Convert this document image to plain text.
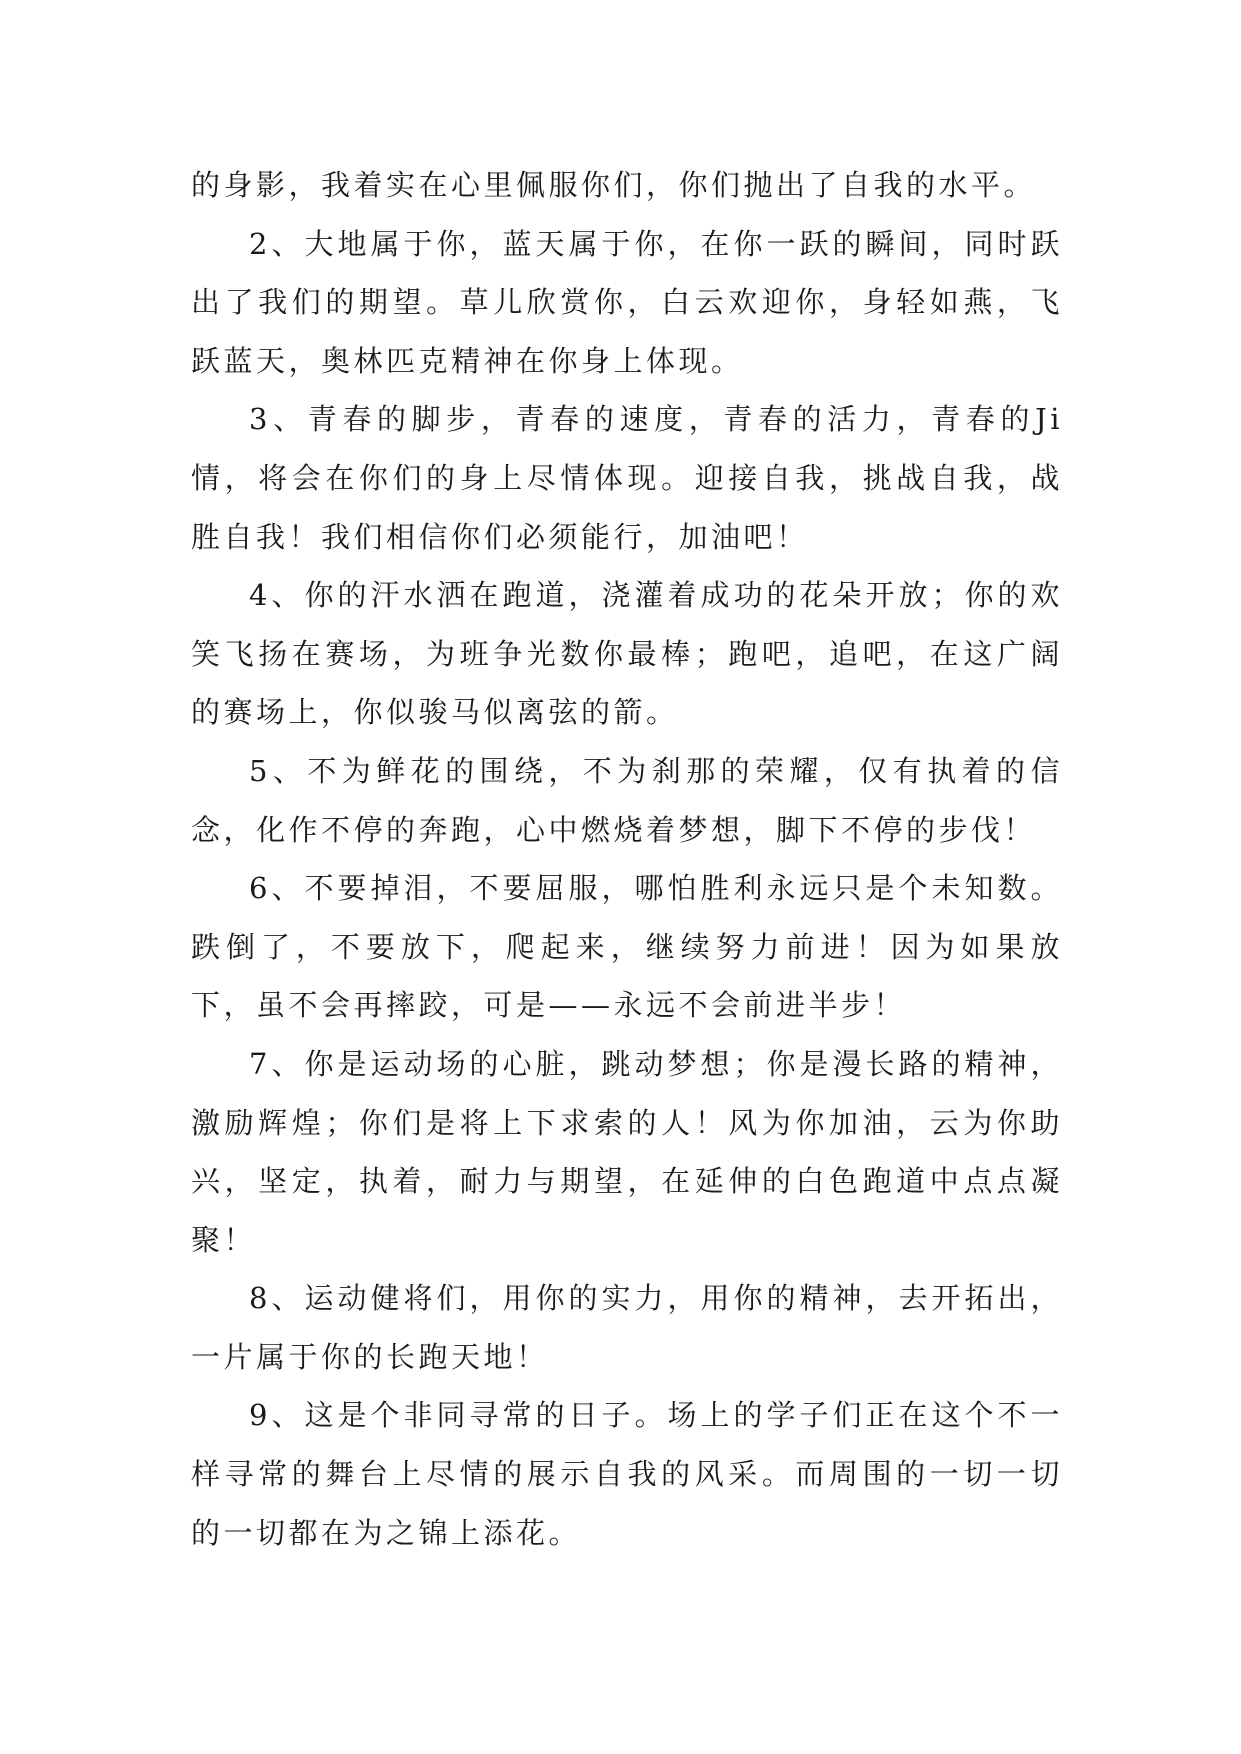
的身影，我着实在心里佩服你们，你们抛出了自我的水平。

2、大地属于你，蓝天属于你，在你一跃的瞬间，同时跃出了我们的期望。草儿欣赏你，白云欢迎你，身轻如燕，飞跃蓝天，奥林匹克精神在你身上体现。

3、青春的脚步，青春的速度，青春的活力，青春的Ji情，将会在你们的身上尽情体现。迎接自我，挑战自我，战胜自我！我们相信你们必须能行，加油吧！

4、你的汗水洒在跑道，浇灌着成功的花朵开放；你的欢笑飞扬在赛场，为班争光数你最棒；跑吧，追吧，在这广阔的赛场上，你似骏马似离弦的箭。

5、不为鲜花的围绕，不为刹那的荣耀，仅有执着的信念，化作不停的奔跑，心中燃烧着梦想，脚下不停的步伐！

6、不要掉泪，不要屈服，哪怕胜利永远只是个未知数。跌倒了，不要放下，爬起来，继续努力前进！因为如果放下，虽不会再摔跤，可是——永远不会前进半步！

7、你是运动场的心脏，跳动梦想；你是漫长路的精神，激励辉煌；你们是将上下求索的人！风为你加油，云为你助兴，坚定，执着，耐力与期望，在延伸的白色跑道中点点凝聚！

8、运动健将们，用你的实力，用你的精神，去开拓出，一片属于你的长跑天地！

9、这是个非同寻常的日子。场上的学子们正在这个不一样寻常的舞台上尽情的展示自我的风采。而周围的一切一切的一切都在为之锦上添花。
